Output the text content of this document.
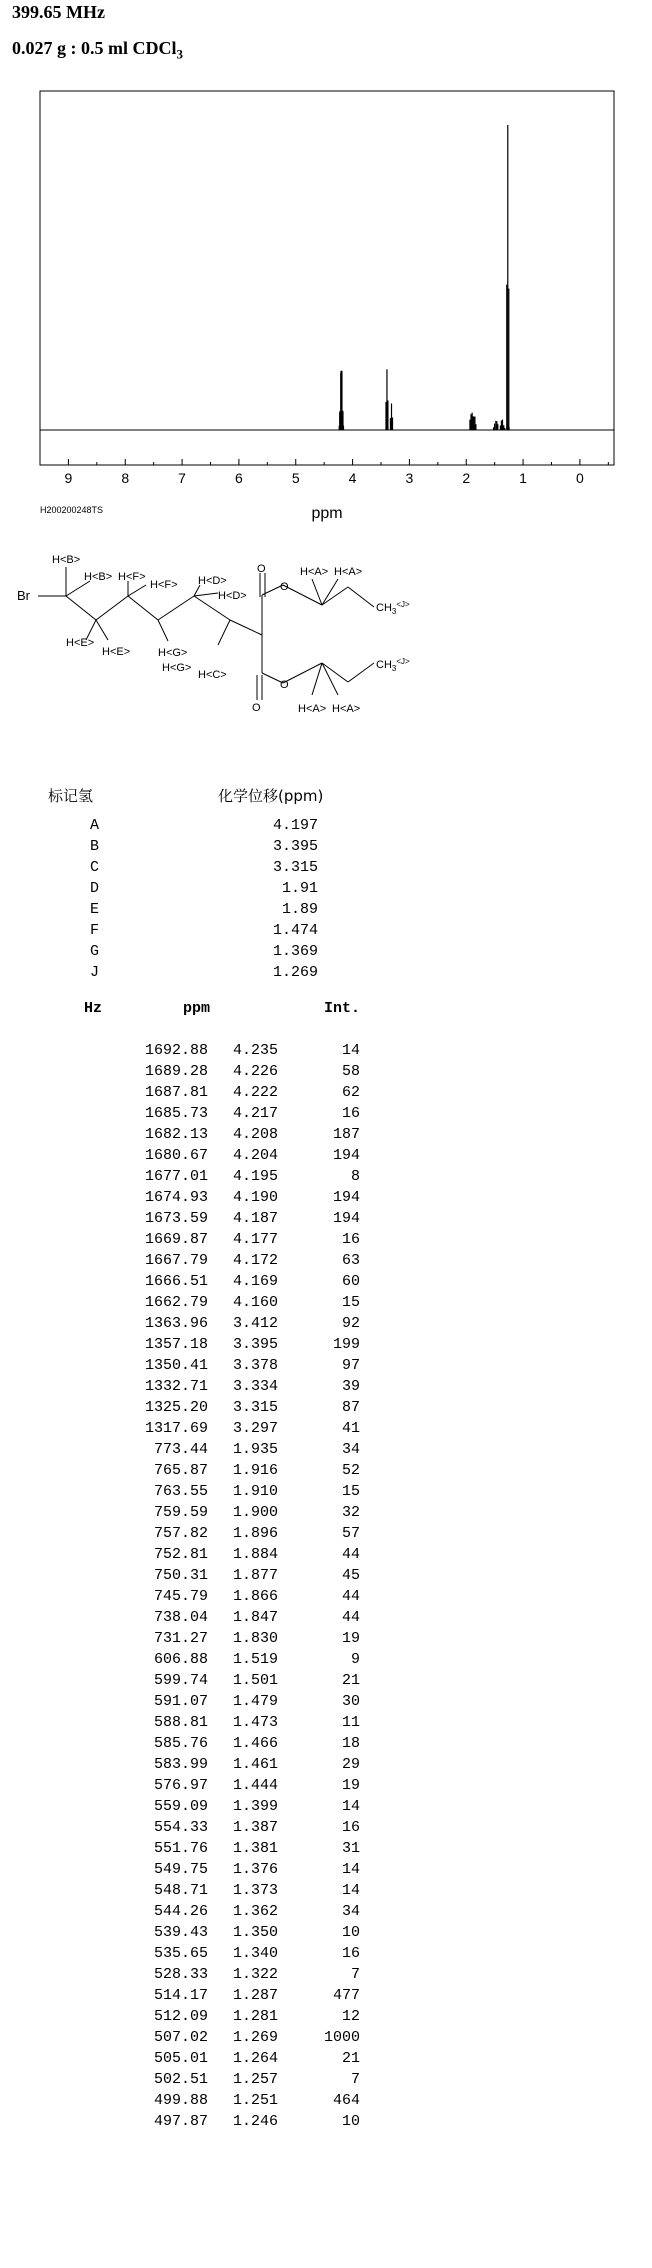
399.65 MHz
0.027 g : 0.5 ml CDCl$_3$
9	8	7	6	5	4	3	2	1	0
ppm
H200200248TS
Br
H<B>
H<B> H<F>
H<F> H<D>
H<D>
H<E>
H<E>
H<G>
H<G>
H<C>
H<A> H<A>
H<A> H<A>
O
O
O
O
$CH_3^{<J>}$
$CH_3^{<J>}$
标记氢	化学位移(ppm)
A	4.197
B	3.395
C	3.315
D	1.91
E	1.89
F	1.474
G	1.369
J	1.269
Hz	ppm	Int.
1692.88 4.235	14
1689.28 4.226	58
1687.81 4.222	62
1685.73 4.217	16
1682.13 4.208	187
1680.67 4.204	194
1677.01 4.195	8
1674.93 4.190	194
1673.59 4.187	194
1669.87 4.177	16
1667.79 4.172	63
1666.51 4.169	60
1662.79 4.160	15
1363.96 3.412	92
1357.18 3.395	199
1350.41 3.378	97
1332.71 3.334	39
1325.20 3.315	87
1317.69 3.297	41
773.44 1.935	34
765.87 1.916	52
763.55 1.910	15
759.59 1.900	32
757.82 1.896	57
752.81 1.884	44
750.31 1.877	45
745.79 1.866	44
738.04 1.847	44
731.27 1.830	19
606.88 1.519	9
599.74 1.501	21
591.07 1.479	30
588.81 1.473	11
585.76 1.466	18
583.99 1.461	29
576.97 1.444	19
559.09 1.399	14
554.33 1.387	16
551.76 1.381	31
549.75 1.376	14
548.71 1.373	14
544.26 1.362	34
539.43 1.350	10
535.65 1.340	16
528.33 1.322	7
514.17 1.287	477
512.09 1.281	12
507.02 1.269	1000
505.01 1.264	21
502.51 1.257	7
499.88 1.251	464
497.87 1.246	10
